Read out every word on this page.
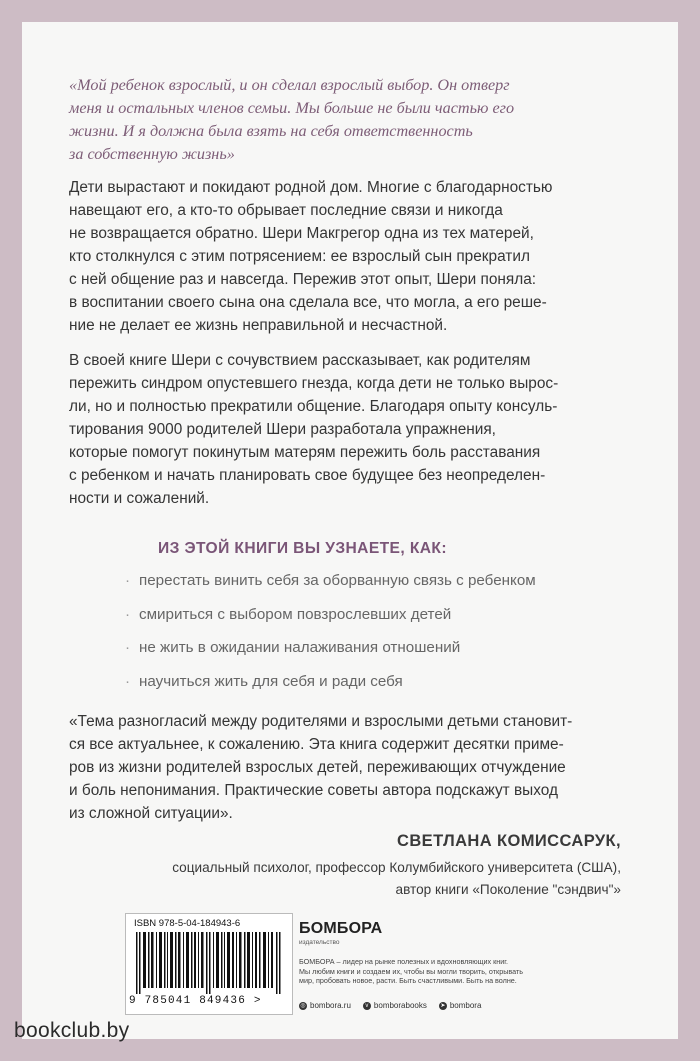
«Мой ребенок взрослый, и он сделал взрослый выбор. Он отверг
меня и остальных членов семьи. Мы больше не были частью его
жизни. И я должна была взять на себя ответственность
за собственную жизнь»

Дети вырастают и покидают родной дом. Многие с благодарностью
навещают его, а кто-то обрывает последние связи и никогда
не возвращается обратно. Шери Макгрегор одна из тех матерей,
кто столкнулся с этим потрясением: ее взрослый сын прекратил
с ней общение раз и навсегда. Пережив этот опыт, Шери поняла:
в воспитании своего сына она сделала все, что могла, а его реше-
ние не делает ее жизнь неправильной и несчастной.

В своей книге Шери с сочувствием рассказывает, как родителям
пережить синдром опустевшего гнезда, когда дети не только вырос-
ли, но и полностью прекратили общение. Благодаря опыту консуль-
тирования 9000 родителей Шери разработала упражнения,
которые помогут покинутым матерям пережить боль расставания
с ребенком и начать планировать свое будущее без неопределен-
ности и сожалений.

ИЗ ЭТОЙ КНИГИ ВЫ УЗНАЕТЕ, КАК:
· перестать винить себя за оборванную связь с ребенком
· смириться с выбором повзрослевших детей
· не жить в ожидании налаживания отношений
· научиться жить для себя и ради себя

«Тема разногласий между родителями и взрослыми детьми становит-
ся все актуальнее, к сожалению. Эта книга содержит десятки приме-
ров из жизни родителей взрослых детей, переживающих отчуждение
и боль непонимания. Практические советы автора подскажут выход
из сложной ситуации».

СВЕТЛАНА КОМИССАРУК,
социальный психолог, профессор Колумбийского университета (США),
автор книги «Поколение "сэндвич"»
ISBN 978-5-04-184943-6
9 785041 849436 >
БОМБОРА
издательство

БОМБОРА – лидер на рынке полезных и вдохновляющих книг.
Мы любим книги и создаем их, чтобы вы могли творить, открывать
мир, пробовать новое, расти. Быть счастливыми. Быть на волне.

◎ bombora.ru	v bomborabooks ➤ bombora
bookclub.by
